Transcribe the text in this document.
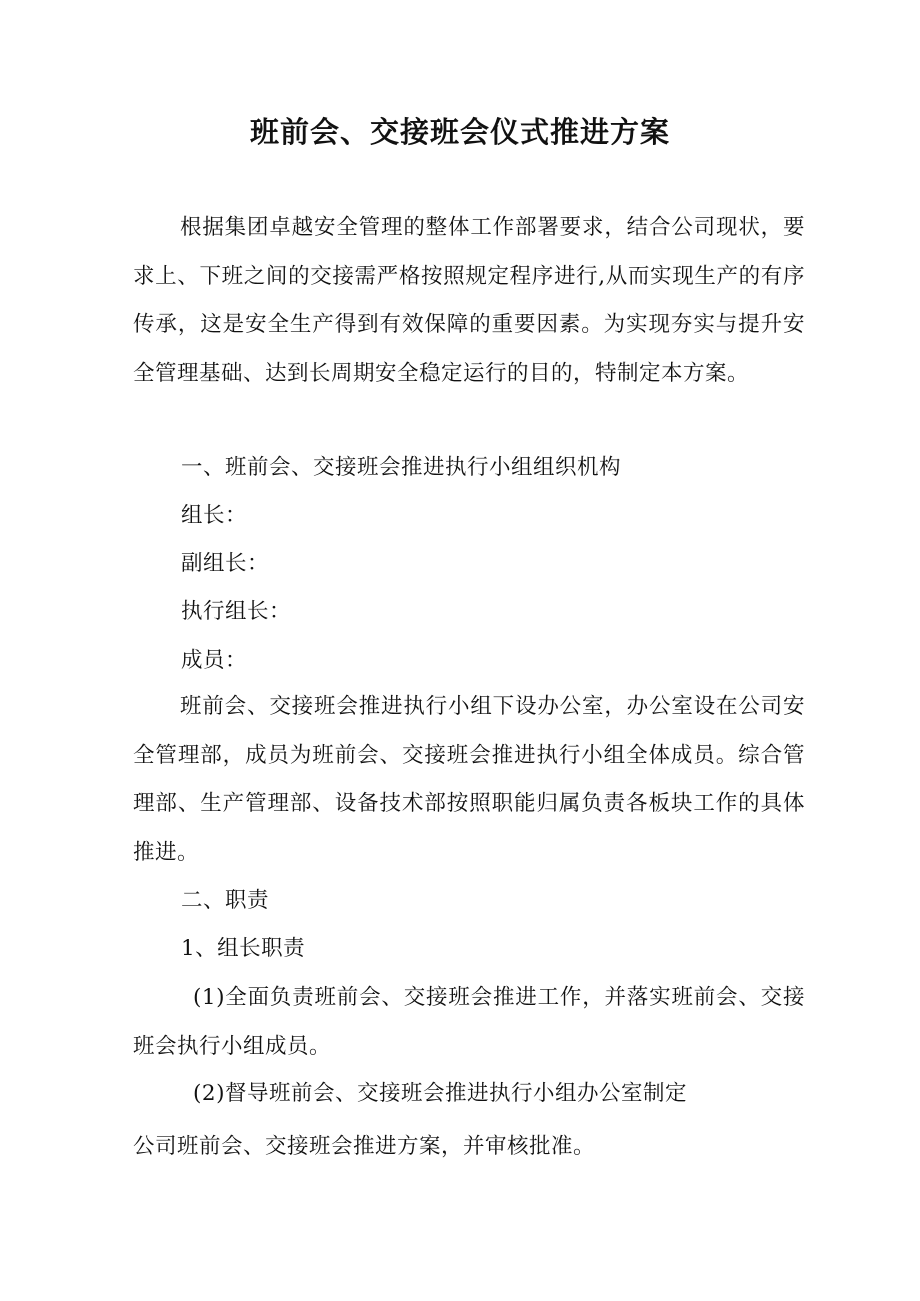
班前会、交接班会仪式推进方案

根据集团卓越安全管理的整体工作部署要求，结合公司现状，要求上、下班之间的交接需严格按照规定程序进行,从而实现生产的有序传承，这是安全生产得到有效保障的重要因素。为实现夯实与提升安全管理基础、达到长周期安全稳定运行的目的，特制定本方案。

一、班前会、交接班会推进执行小组组织机构

组长：

副组长：

执行组长：

成员：

班前会、交接班会推进执行小组下设办公室，办公室设在公司安全管理部，成员为班前会、交接班会推进执行小组全体成员。综合管理部、生产管理部、设备技术部按照职能归属负责各板块工作的具体推进。

二、职责

1、组长职责

(1)全面负责班前会、交接班会推进工作，并落实班前会、交接班会执行小组成员。

(2)督导班前会、交接班会推进执行小组办公室制定

公司班前会、交接班会推进方案，并审核批准。
